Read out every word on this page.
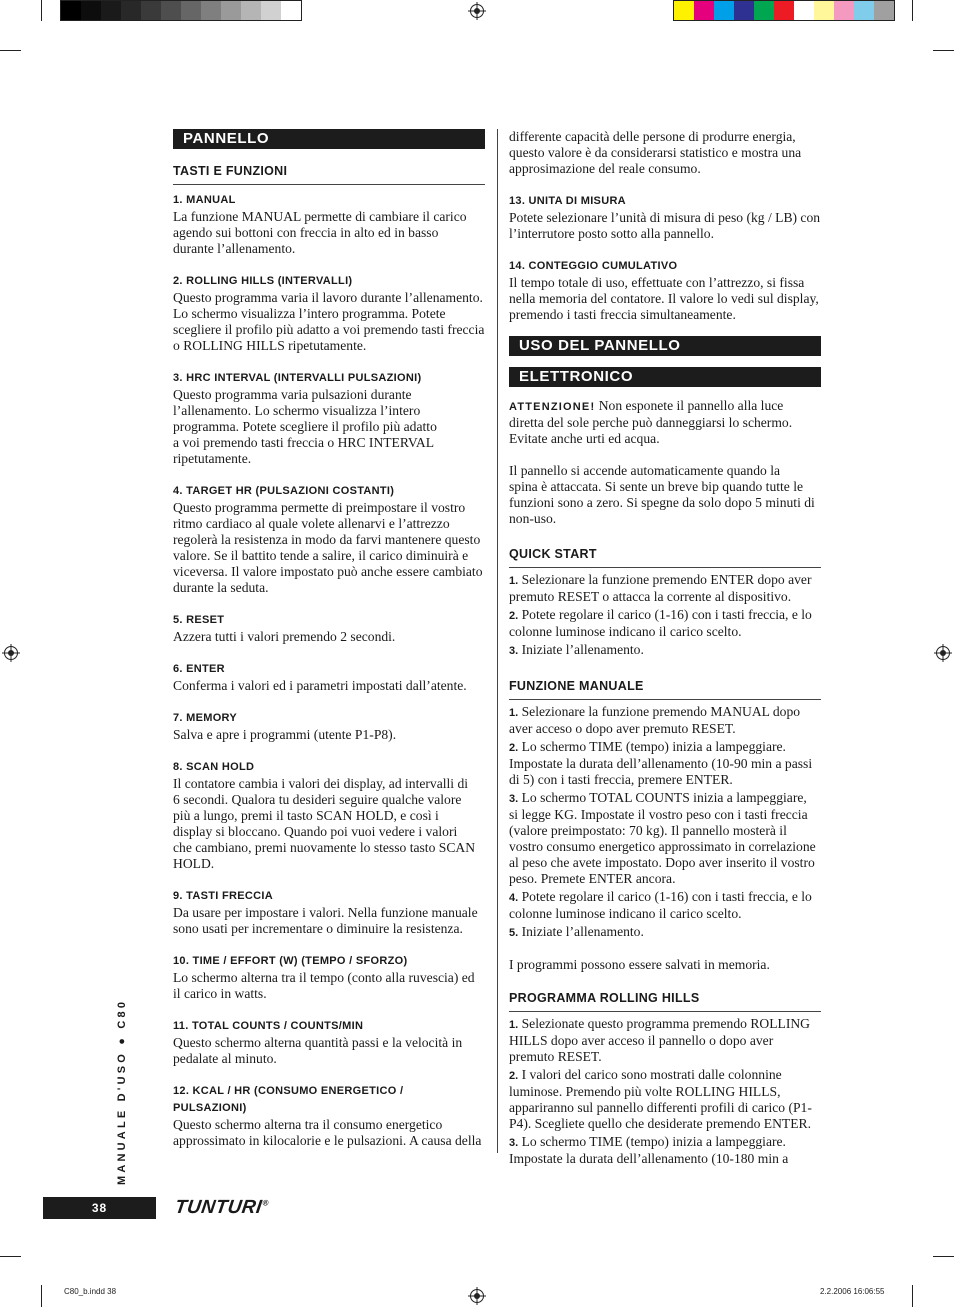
PANNELLO
TASTI E FUNZIONI
1. MANUAL

La funzione MANUAL permette di cambiare il carico
agendo sui bottoni con freccia in alto ed in basso
durante l’allenamento.

2. ROLLING HILLS (INTERVALLI)

Questo programma varia il lavoro durante l’allenamento.
Lo schermo visualizza l’intero programma. Potete
scegliere il profilo più adatto a voi premendo tasti freccia
o ROLLING HILLS ripetutamente.

3. HRC INTERVAL (INTERVALLI PULSAZIONI)

Questo programma varia pulsazioni durante
l’allenamento. Lo schermo visualizza l’intero
programma. Potete scegliere il profilo più adatto
a voi premendo tasti freccia o HRC INTERVAL
ripetutamente.

4. TARGET HR (PULSAZIONI COSTANTI)

Questo programma permette di preimpostare il vostro
ritmo cardiaco al quale volete allenarvi e l’attrezzo
regolerà la resistenza in modo da farvi mantenere questo
valore. Se il battito tende a salire, il carico diminuirà e
viceversa. Il valore impostato può anche essere cambiato
durante la seduta.

5. RESET

Azzera tutti i valori premendo 2 secondi.

6. ENTER

Conferma i valori ed i parametri impostati dall’atente.

7. MEMORY

Salva e apre i programmi (utente P1-P8).

8. SCAN HOLD

Il contatore cambia i valori dei display, ad intervalli di
6 secondi. Qualora tu desideri seguire qualche valore
più a lungo, premi il tasto SCAN HOLD, e così i
display si bloccano. Quando poi vuoi vedere i valori
che cambiano, premi nuovamente lo stesso tasto SCAN
HOLD.

9. TASTI FRECCIA

Da usare per impostare i valori. Nella funzione manuale
sono usati per incrementare o diminuire la resistenza.

10. TIME / EFFORT (W) (TEMPO / SFORZO)

Lo schermo alterna tra il tempo (conto alla ruvescia) ed
il carico in watts.

11. TOTAL COUNTS / COUNTS/MIN

Questo schermo alterna quantità passi e la velocità in
pedalate al minuto.

12. KCAL / HR (CONSUMO ENERGETICO /
PULSAZIONI)

Questo schermo alterna tra il consumo energetico
approssimato in kilocalorie e le pulsazioni. A causa della

differente capacità delle persone di produrre energia,
questo valore è da considerarsi statistico e mostra una
approsimazione del reale consumo.

13. UNITA DI MISURA

Potete selezionare l’unità di misura di peso (kg / LB) con
l’interrutore posto sotto alla pannello.

14. CONTEGGIO CUMULATIVO

Il tempo totale di uso, effettuate con l’attrezzo, si fissa
nella memoria del contatore. Il valore lo vedi sul display,
premendo i tasti freccia simultaneamente.

USO DEL PANNELLO
ELETTRONICO

ATTENZIONE! Non esponete il pannello alla luce
diretta del sole perche può danneggiarsi lo schermo.
Evitate anche urti ed acqua.

Il pannello si accende automaticamente quando la
spina è attaccata. Si sente un breve bip quando tutte le
funzioni sono a zero. Si spegne da solo dopo 5 minuti di
non-uso.

QUICK START

1. Selezionare la funzione premendo ENTER dopo aver
premuto RESET o attacca la corrente al dispositivo.

2. Potete regolare il carico (1-16) con i tasti freccia, e lo
colonne luminose indicano il carico scelto.

3. Iniziate l’allenamento.

FUNZIONE MANUALE

1. Selezionare la funzione premendo MANUAL dopo
aver acceso o dopo aver premuto RESET.

2. Lo schermo TIME (tempo) inizia a lampeggiare.
Impostate la durata dell’allenamento (10-90 min a passi
di 5) con i tasti freccia, premere ENTER.

3. Lo schermo TOTAL COUNTS inizia a lampeggiare,
si legge KG. Impostate il vostro peso con i tasti freccia
(valore preimpostato: 70 kg). Il pannello mosterà il
vostro consumo energetico approssimato in correlazione
al peso che avete impostato. Dopo aver inserito il vostro
peso. Premete ENTER ancora.

4. Potete regolare il carico (1-16) con i tasti freccia, e lo
colonne luminose indicano il carico scelto.

5. Iniziate l’allenamento.

I programmi possono essere salvati in memoria.

PROGRAMMA ROLLING HILLS

1. Selezionate questo programma premendo ROLLING
HILLS dopo aver acceso il pannello o dopo aver
premuto RESET.

2. I valori del carico sono mostrati dalle colonnine
luminose. Premendo più volte ROLLING HILLS,
appariranno sul pannello differenti profili di carico (P1-
P4). Scegliete quello che desiderate premendo ENTER.

3. Lo schermo TIME (tempo) inizia a lampeggiare.
Impostate la durata dell’allenamento (10-180 min a

MANUALE D'USO ● C80
38	TUNTURI®
C80_b.indd 38	2.2.2006 16:06:55
